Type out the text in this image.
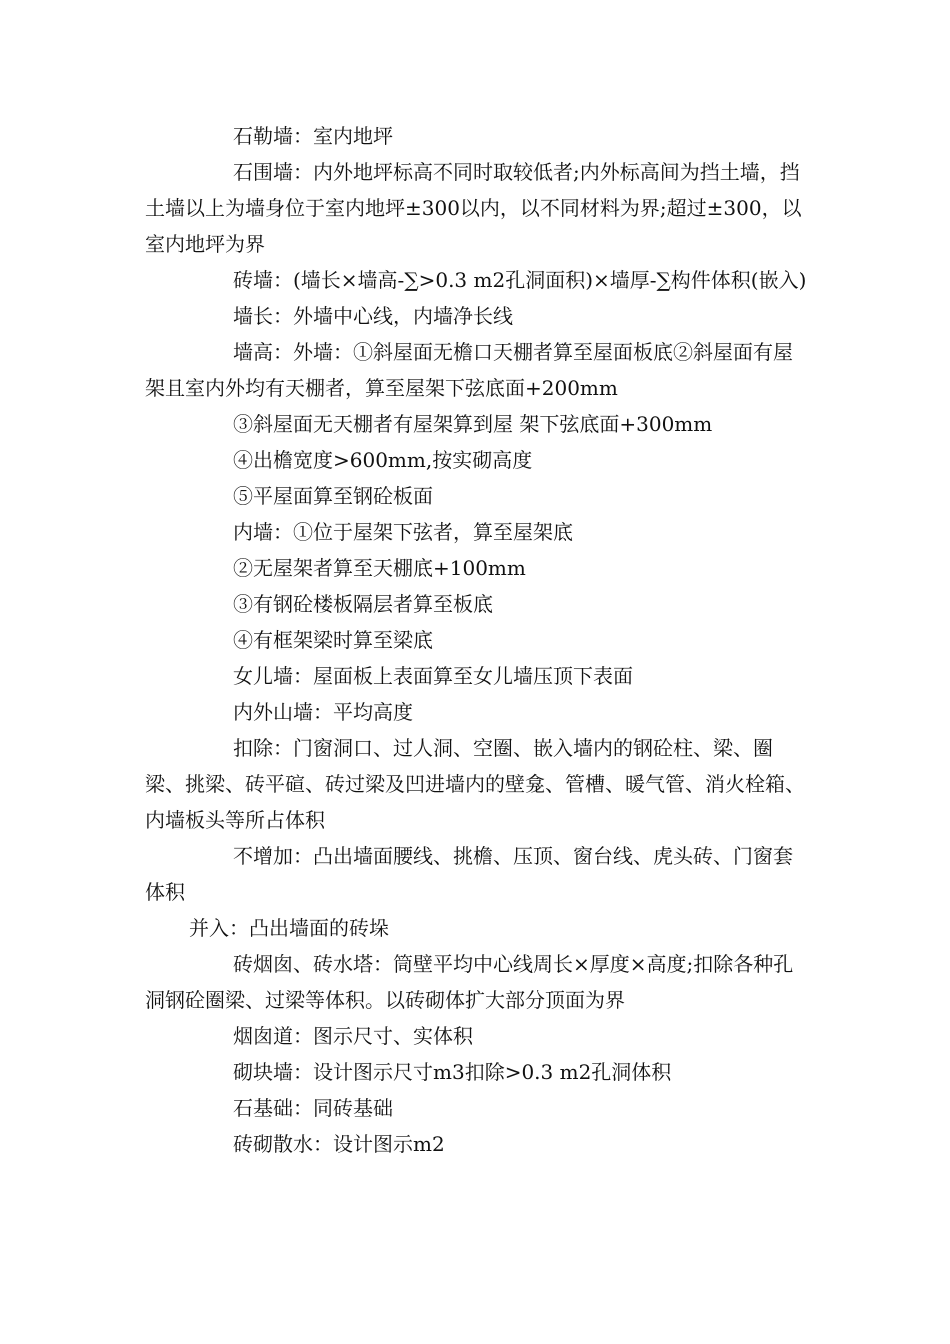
石勒墙：室内地坪

石围墙：内外地坪标高不同时取较低者;内外标高间为挡土墙，挡土墙以上为墙身位于室内地坪±300以内，以不同材料为界;超过±300，以室内地坪为界

砖墙：(墙长×墙高-∑>0.3 m2孔洞面积)×墙厚-∑构件体积(嵌入)

墙长：外墙中心线，内墙净长线

墙高：外墙：①斜屋面无檐口天棚者算至屋面板底②斜屋面有屋架且室内外均有天棚者，算至屋架下弦底面+200mm

③斜屋面无天棚者有屋架算到屋 架下弦底面+300mm

④出檐宽度>600mm,按实砌高度

⑤平屋面算至钢砼板面

内墙：①位于屋架下弦者，算至屋架底

②无屋架者算至天棚底+100mm

③有钢砼楼板隔层者算至板底

④有框架梁时算至梁底

女儿墙：屋面板上表面算至女儿墙压顶下表面

内外山墙：平均高度

扣除：门窗洞口、过人洞、空圈、嵌入墙内的钢砼柱、梁、圈梁、挑梁、砖平碹、砖过梁及凹进墙内的壁龛、管槽、暖气管、消火栓箱、内墙板头等所占体积

不增加：凸出墙面腰线、挑檐、压顶、窗台线、虎头砖、门窗套体积

并入：凸出墙面的砖垛

砖烟囱、砖水塔：筒壁平均中心线周长×厚度×高度;扣除各种孔洞钢砼圈梁、过梁等体积。以砖砌体扩大部分顶面为界

烟囱道：图示尺寸、实体积

砌块墙：设计图示尺寸m3扣除>0.3 m2孔洞体积

石基础：同砖基础

砖砌散水：设计图示m2
